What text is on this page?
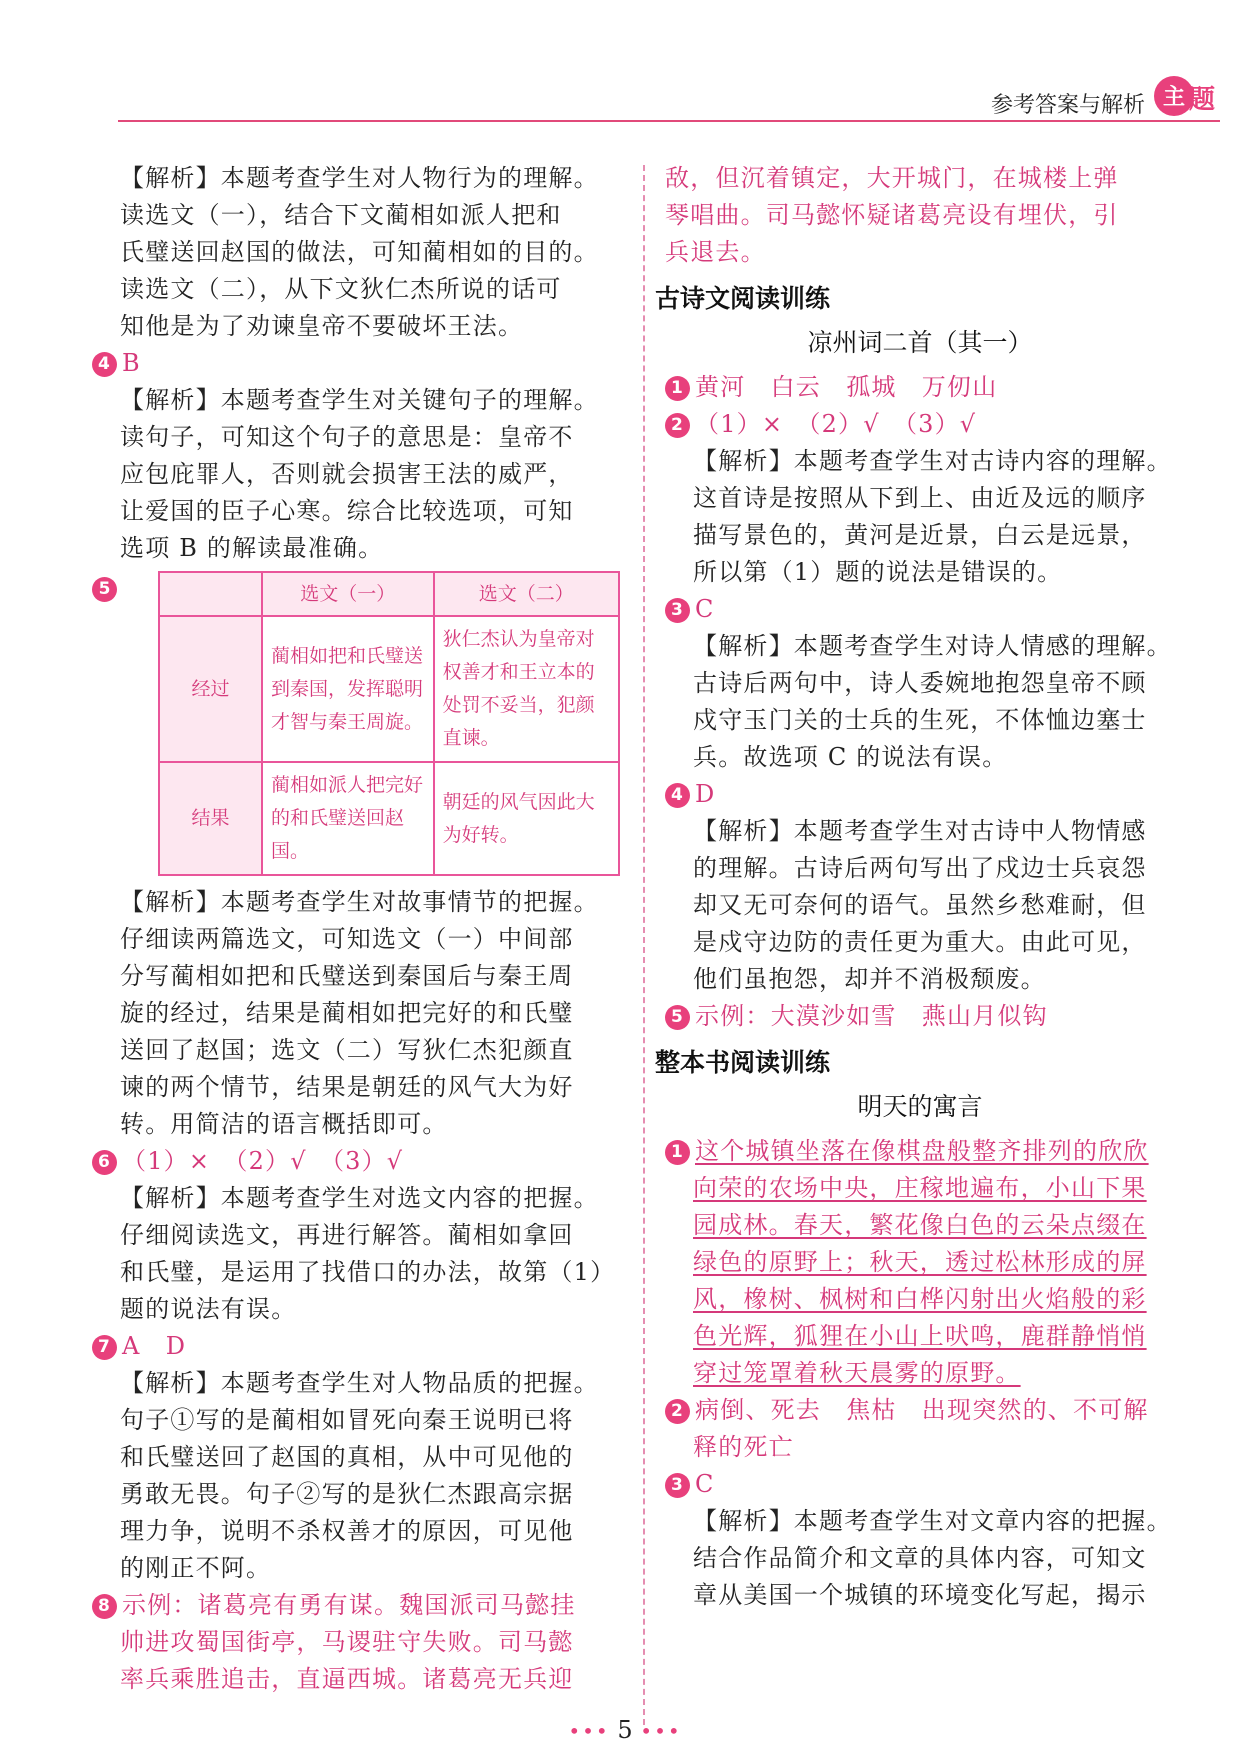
参考答案与解析 主 题

【解析】本题考查学生对人物行为的理解。

读选文（一），结合下文蔺相如派人把和

氏璧送回赵国的做法，可知蔺相如的目的。

读选文（二），从下文狄仁杰所说的话可

知他是为了劝谏皇帝不要破坏王法。

4 B

【解析】本题考查学生对关键句子的理解。

读句子，可知这个句子的意思是：皇帝不

应包庇罪人，否则就会损害王法的威严，

让爱国的臣子心寒。综合比较选项，可知

选项 B 的解读最准确。

5
		选文（一）	选文（二）
经过	蔺相如把和氏璧送到秦国，发挥聪明才智与秦王周旋。	狄仁杰认为皇帝对权善才和王立本的处罚不妥当，犯颜直谏。
结果	蔺相如派人把完好的和氏璧送回赵国。	朝廷的风气因此大为好转。

【解析】本题考查学生对故事情节的把握。

仔细读两篇选文，可知选文（一）中间部

分写蔺相如把和氏璧送到秦国后与秦王周

旋的经过，结果是蔺相如把完好的和氏璧

送回了赵国；选文（二）写狄仁杰犯颜直

谏的两个情节，结果是朝廷的风气大为好

转。用简洁的语言概括即可。

6 （1）×　（2）√　（3）√

【解析】本题考查学生对选文内容的把握。

仔细阅读选文，再进行解答。蔺相如拿回

和氏璧，是运用了找借口的办法，故第（1）

题的说法有误。

7 A　D

【解析】本题考查学生对人物品质的把握。

句子①写的是蔺相如冒死向秦王说明已将

和氏璧送回了赵国的真相，从中可见他的

勇敢无畏。句子②写的是狄仁杰跟高宗据

理力争，说明不杀权善才的原因，可见他

的刚正不阿。

8 示例：诸葛亮有勇有谋。魏国派司马懿挂

帅进攻蜀国街亭，马谡驻守失败。司马懿

率兵乘胜追击，直逼西城。诸葛亮无兵迎

敌，但沉着镇定，大开城门，在城楼上弹

琴唱曲。司马懿怀疑诸葛亮设有埋伏，引

兵退去。

古诗文阅读训练
凉州词二首（其一）
1 黄河　白云　孤城　万仞山
2 （1）×　（2）√　（3）√

【解析】本题考查学生对古诗内容的理解。

这首诗是按照从下到上、由近及远的顺序

描写景色的，黄河是近景，白云是远景，

所以第（1）题的说法是错误的。

3 C

【解析】本题考查学生对诗人情感的理解。

古诗后两句中，诗人委婉地抱怨皇帝不顾

戍守玉门关的士兵的生死，不体恤边塞士

兵。故选项 C 的说法有误。

4 D

【解析】本题考查学生对古诗中人物情感

的理解。古诗后两句写出了戍边士兵哀怨

却又无可奈何的语气。虽然乡愁难耐，但

是戍守边防的责任更为重大。由此可见，

他们虽抱怨，却并不消极颓废。

5 示例：大漠沙如雪　燕山月似钩
整本书阅读训练
明天的寓言
1 这个城镇坐落在像棋盘般整齐排列的欣欣

向荣的农场中央，庄稼地遍布，小山下果

园成林。春天，繁花像白色的云朵点缀在

绿色的原野上；秋天，透过松林形成的屏

风，橡树、枫树和白桦闪射出火焰般的彩

色光辉，狐狸在小山上吠鸣，鹿群静悄悄

穿过笼罩着秋天晨雾的原野。

2 病倒、死去　焦枯　出现突然的、不可解

释的死亡

3 C

【解析】本题考查学生对文章内容的把握。

结合作品简介和文章的具体内容，可知文

章从美国一个城镇的环境变化写起，揭示

••• 5 •••
